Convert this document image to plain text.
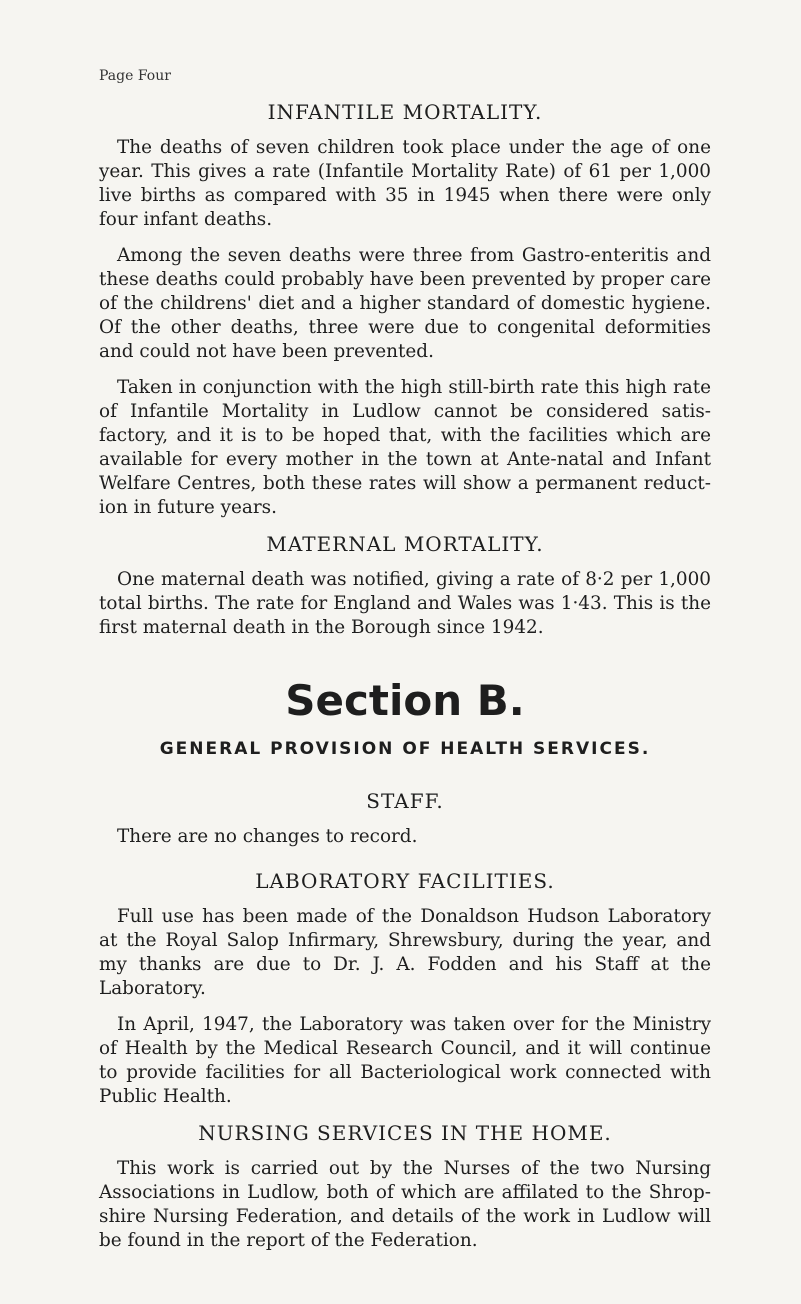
Page Four
INFANTILE MORTALITY.

The deaths of seven children took place under the age of one year. This gives a rate (Infantile Mortality Rate) of 61 per 1,000 live births as compared with 35 in 1945 when there were only four infant deaths.

Among the seven deaths were three from Gastro-enteritis and these deaths could probably have been prevented by proper care of the childrens' diet and a higher standard of domestic hygiene. Of the other deaths, three were due to congenital deformities and could not have been prevented.

Taken in conjunction with the high still-birth rate this high rate of Infantile Mortality in Ludlow cannot be considered satis- factory, and it is to be hoped that, with the facilities which are available for every mother in the town at Ante-natal and Infant Welfare Centres, both these rates will show a permanent reduct- ion in future years.

MATERNAL MORTALITY.

One maternal death was notified, giving a rate of 8·2 per 1,000 total births. The rate for England and Wales was 1·43. This is the first maternal death in the Borough since 1942.

Section B.
GENERAL PROVISION OF HEALTH SERVICES.
STAFF.

There are no changes to record.

LABORATORY FACILITIES.

Full use has been made of the Donaldson Hudson Laboratory at the Royal Salop Infirmary, Shrewsbury, during the year, and my thanks are due to Dr. J. A. Fodden and his Staff at the Laboratory.

In April, 1947, the Laboratory was taken over for the Ministry of Health by the Medical Research Council, and it will continue to provide facilities for all Bacteriological work connected with Public Health.

NURSING SERVICES IN THE HOME.

This work is carried out by the Nurses of the two Nursing Associations in Ludlow, both of which are affilated to the Shrop- shire Nursing Federation, and details of the work in Ludlow will be found in the report of the Federation.
